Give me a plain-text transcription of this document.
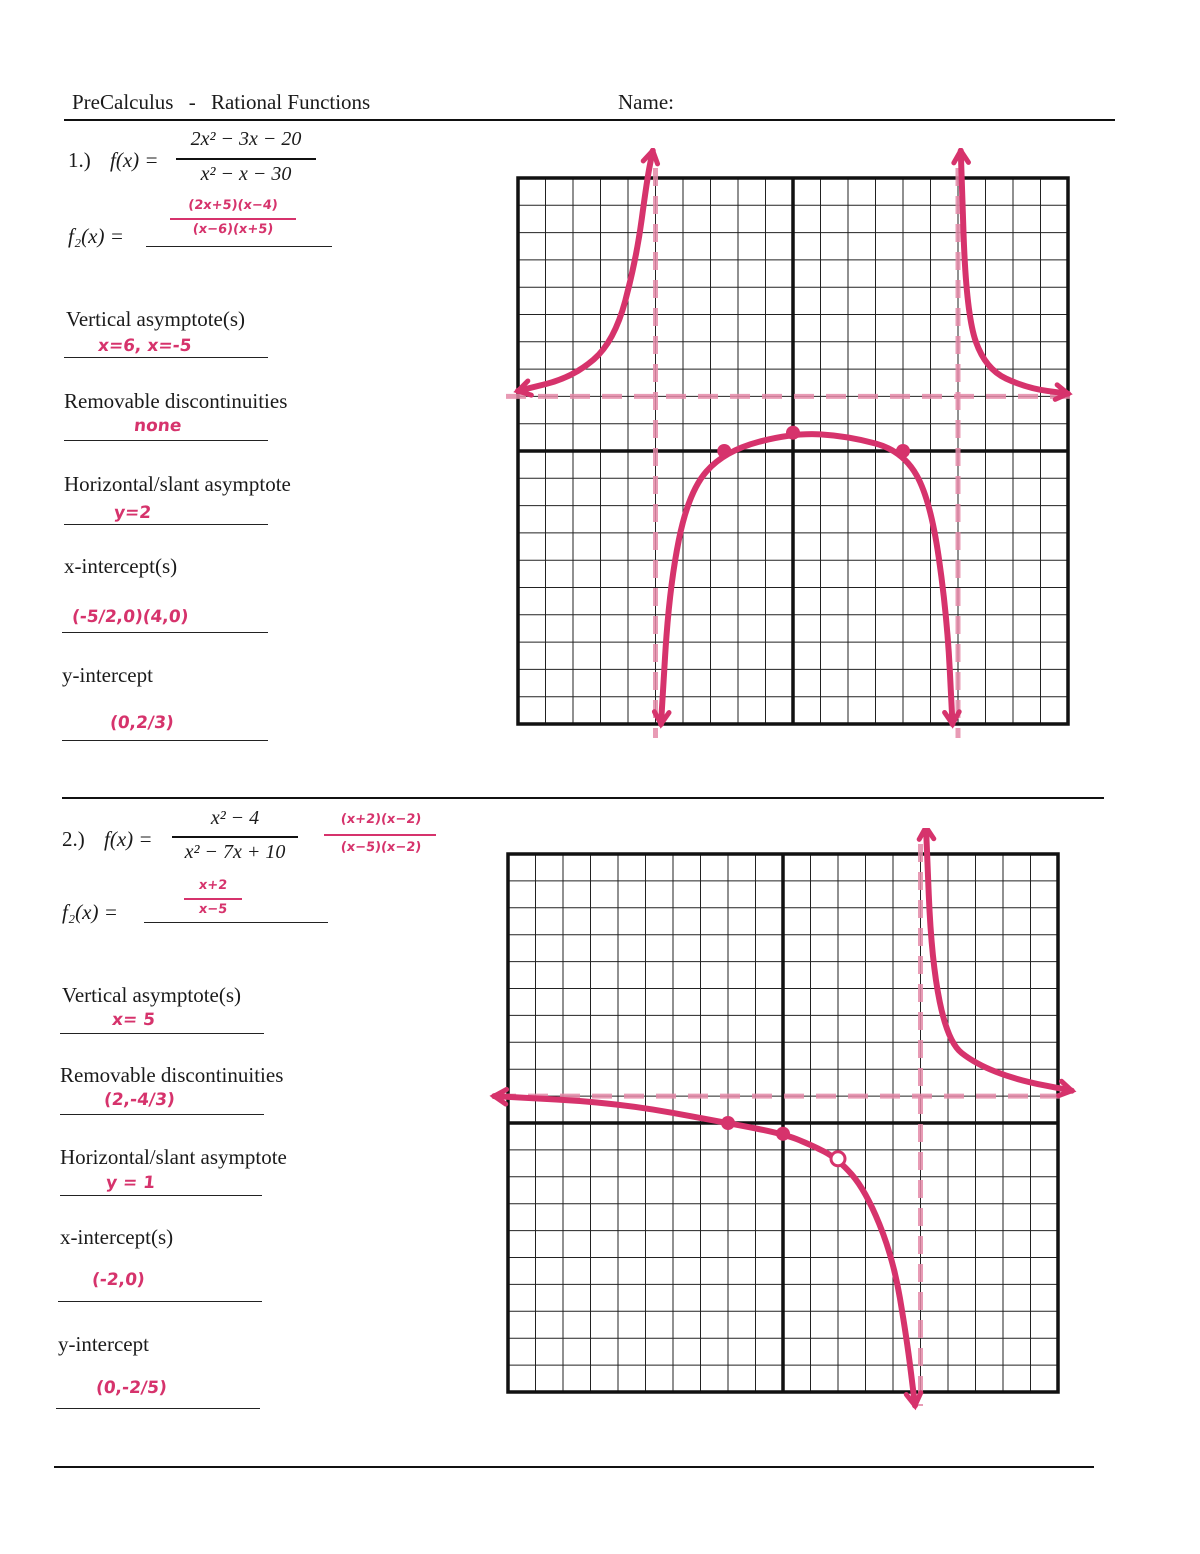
PreCalculus - Rational Functions	Name:
1.) f(x) =
2x² − 3x − 20
x² − x − 30
f₂(x) =
(2x+5)(x−4)
(x−6)(x+5)
Vertical asymptote(s)
x=6, x=-5
Removable discontinuities
none
Horizontal/slant asymptote
y=2
x-intercept(s)
(-5/2,0)(4,0)
y-intercept
(0,2/3)
2.) f(x) =
x² − 4
x² − 7x + 10
(x+2)(x−2)
(x−5)(x−2)
f₂(x) =
x+2
x−5
Vertical asymptote(s)
x= 5
Removable discontinuities
(2,-4/3)
Horizontal/slant asymptote
y = 1
x-intercept(s)
(-2,0)
y-intercept
(0,-2/5)
